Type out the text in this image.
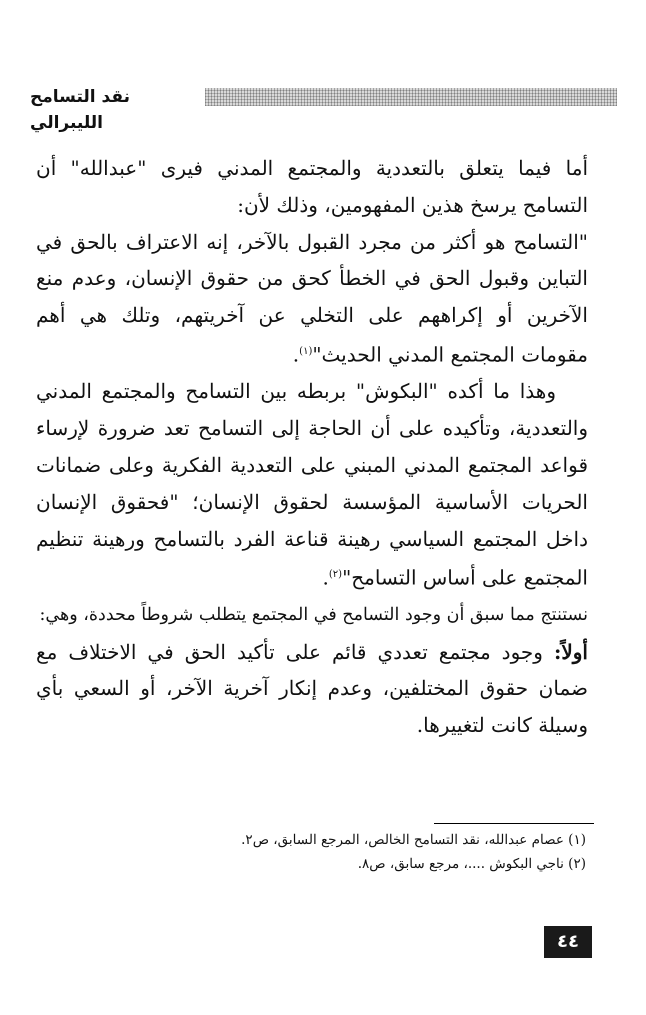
نقد التسامح الليبرالي

أما فيما يتعلق بالتعددية والمجتمع المدني فيرى "عبدالله" أن التسامح يرسخ هذين المفهومين، وذلك لأن:

"التسامح هو أكثر من مجرد القبول بالآخر، إنه الاعتراف بالحق في التباين وقبول الحق في الخطأ كحق من حقوق الإنسان، وعدم منع الآخرين أو إكراههم على التخلي عن آخريتهم، وتلك هي أهم مقومات المجتمع المدني الحديث"$^{(١)}$.

وهذا ما أكده "البكوش" بربطه بين التسامح والمجتمع المدني والتعددية، وتأكيده على أن الحاجة إلى التسامح تعد ضرورة لإرساء قواعد المجتمع المدني المبني على التعددية الفكرية وعلى ضمانات الحريات الأساسية المؤسسة لحقوق الإنسان؛ "فحقوق الإنسان داخل المجتمع السياسي رهينة قناعة الفرد بالتسامح ورهينة تنظيم المجتمع على أساس التسامح"$^{(٢)}$.

نستنتج مما سبق أن وجود التسامح في المجتمع يتطلب شروطاً محددة، وهي:

أولاً: وجود مجتمع تعددي قائم على تأكيد الحق في الاختلاف مع ضمان حقوق المختلفين، وعدم إنكار آخرية الآخر، أو السعي بأي وسيلة كانت لتغييرها.

(١) عصام عبدالله، نقد التسامح الخالص، المرجع السابق، ص٢.

(٢) ناجي البكوش ....، مرجع سابق، ص٨.

٤٤
